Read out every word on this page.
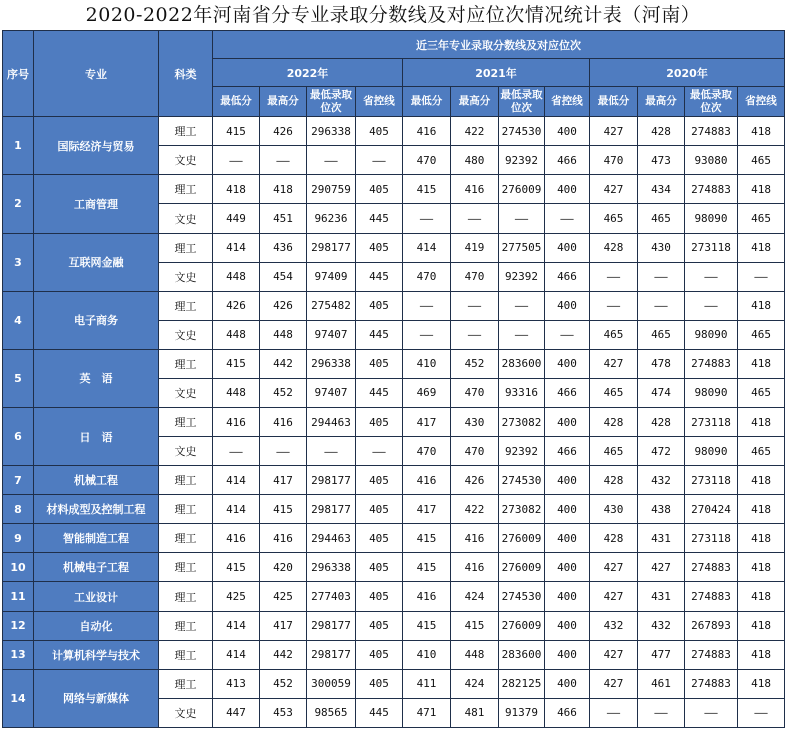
2020-2022年河南省分专业录取分数线及对应位次情况统计表（河南）
序号	专业	科类	近三年专业录取分数线及对应位次											
			2022年				2021年				2020年			
			最低分	最高分	最低录取位次	省控线	最低分	最高分	最低录取位次	省控线	最低分	最高分	最低录取位次	省控线
1	国际经济与贸易	理工	415	426	296338	405	416	422	274530	400	427	428	274883	418
		文史	——	——	——	——	470	480	92392	466	470	473	93080	465
2	工商管理	理工	418	418	290759	405	415	416	276009	400	427	434	274883	418
		文史	449	451	96236	445	——	——	——	——	465	465	98090	465
3	互联网金融	理工	414	436	298177	405	414	419	277505	400	428	430	273118	418
		文史	448	454	97409	445	470	470	92392	466	——	——	——	——
4	电子商务	理工	426	426	275482	405	——	——	——	400	——	——	——	418
		文史	448	448	97407	445	——	——	——	——	465	465	98090	465
5	英　语	理工	415	442	296338	405	410	452	283600	400	427	478	274883	418
		文史	448	452	97407	445	469	470	93316	466	465	474	98090	465
6	日　语	理工	416	416	294463	405	417	430	273082	400	428	428	273118	418
		文史	——	——	——	——	470	470	92392	466	465	472	98090	465
7	机械工程	理工	414	417	298177	405	416	426	274530	400	428	432	273118	418
8	材料成型及控制工程	理工	414	415	298177	405	417	422	273082	400	430	438	270424	418
9	智能制造工程	理工	416	416	294463	405	415	416	276009	400	428	431	273118	418
10	机械电子工程	理工	415	420	296338	405	415	416	276009	400	427	427	274883	418
11	工业设计	理工	425	425	277403	405	416	424	274530	400	427	431	274883	418
12	自动化	理工	414	417	298177	405	415	415	276009	400	432	432	267893	418
13	计算机科学与技术	理工	414	442	298177	405	410	448	283600	400	427	477	274883	418
14	网络与新媒体	理工	413	452	300059	405	411	424	282125	400	427	461	274883	418
		文史	447	453	98565	445	471	481	91379	466	——	——	——	——
